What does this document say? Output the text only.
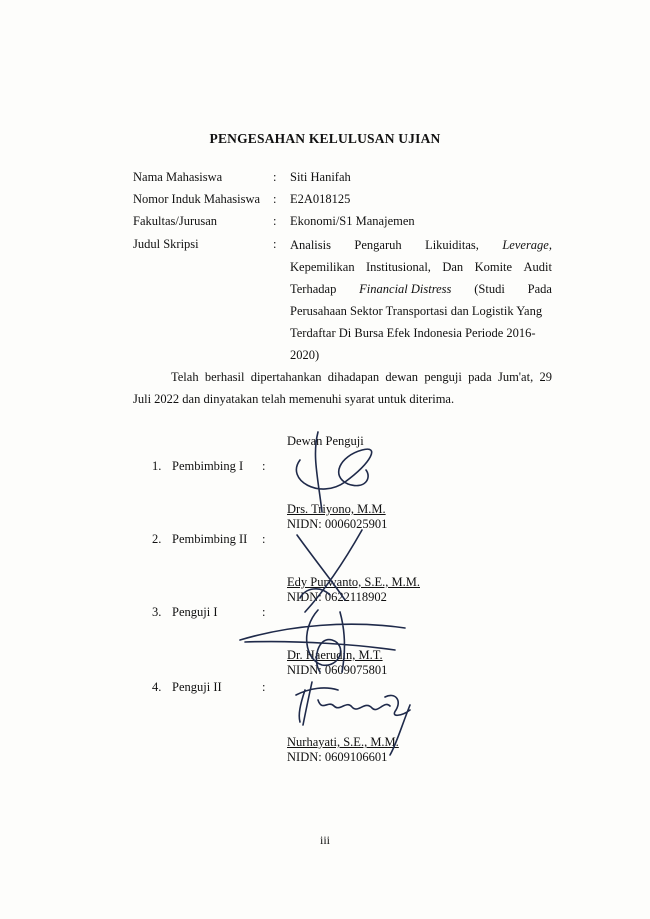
PENGESAHAN KELULUSAN UJIAN
Nama Mahasiswa	: Siti Hanifah
Nomor Induk Mahasiswa : E2A018125
Fakultas/Jurusan	: Ekonomi/S1 Manajemen
Judul Skripsi	: Analisis Pengaruh Likuiditas, Leverage,
Kepemilikan Institusional, Dan Komite Audit
Terhadap Financial Distress (Studi Pada
Perusahaan Sektor Transportasi dan Logistik Yang
Terdaftar Di Bursa Efek Indonesia Periode 2016-
2020)
Telah berhasil dipertahankan dihadapan dewan penguji pada Jum'at, 29
Juli 2022 dan dinyatakan telah memenuhi syarat untuk diterima.
Dewan Penguji
1. Pembimbing I :
Drs. Triyono, M.M.
NIDN: 0006025901
2. Pembimbing II :
Edy Purwanto, S.E., M.M.
NIDN: 0622118902
3. Penguji I	:
Dr. Haerudin, M.T.
NIDN: 0609075801
4. Penguji II	:
Nurhayati, S.E., M.M.
NIDN: 0609106601
iii
